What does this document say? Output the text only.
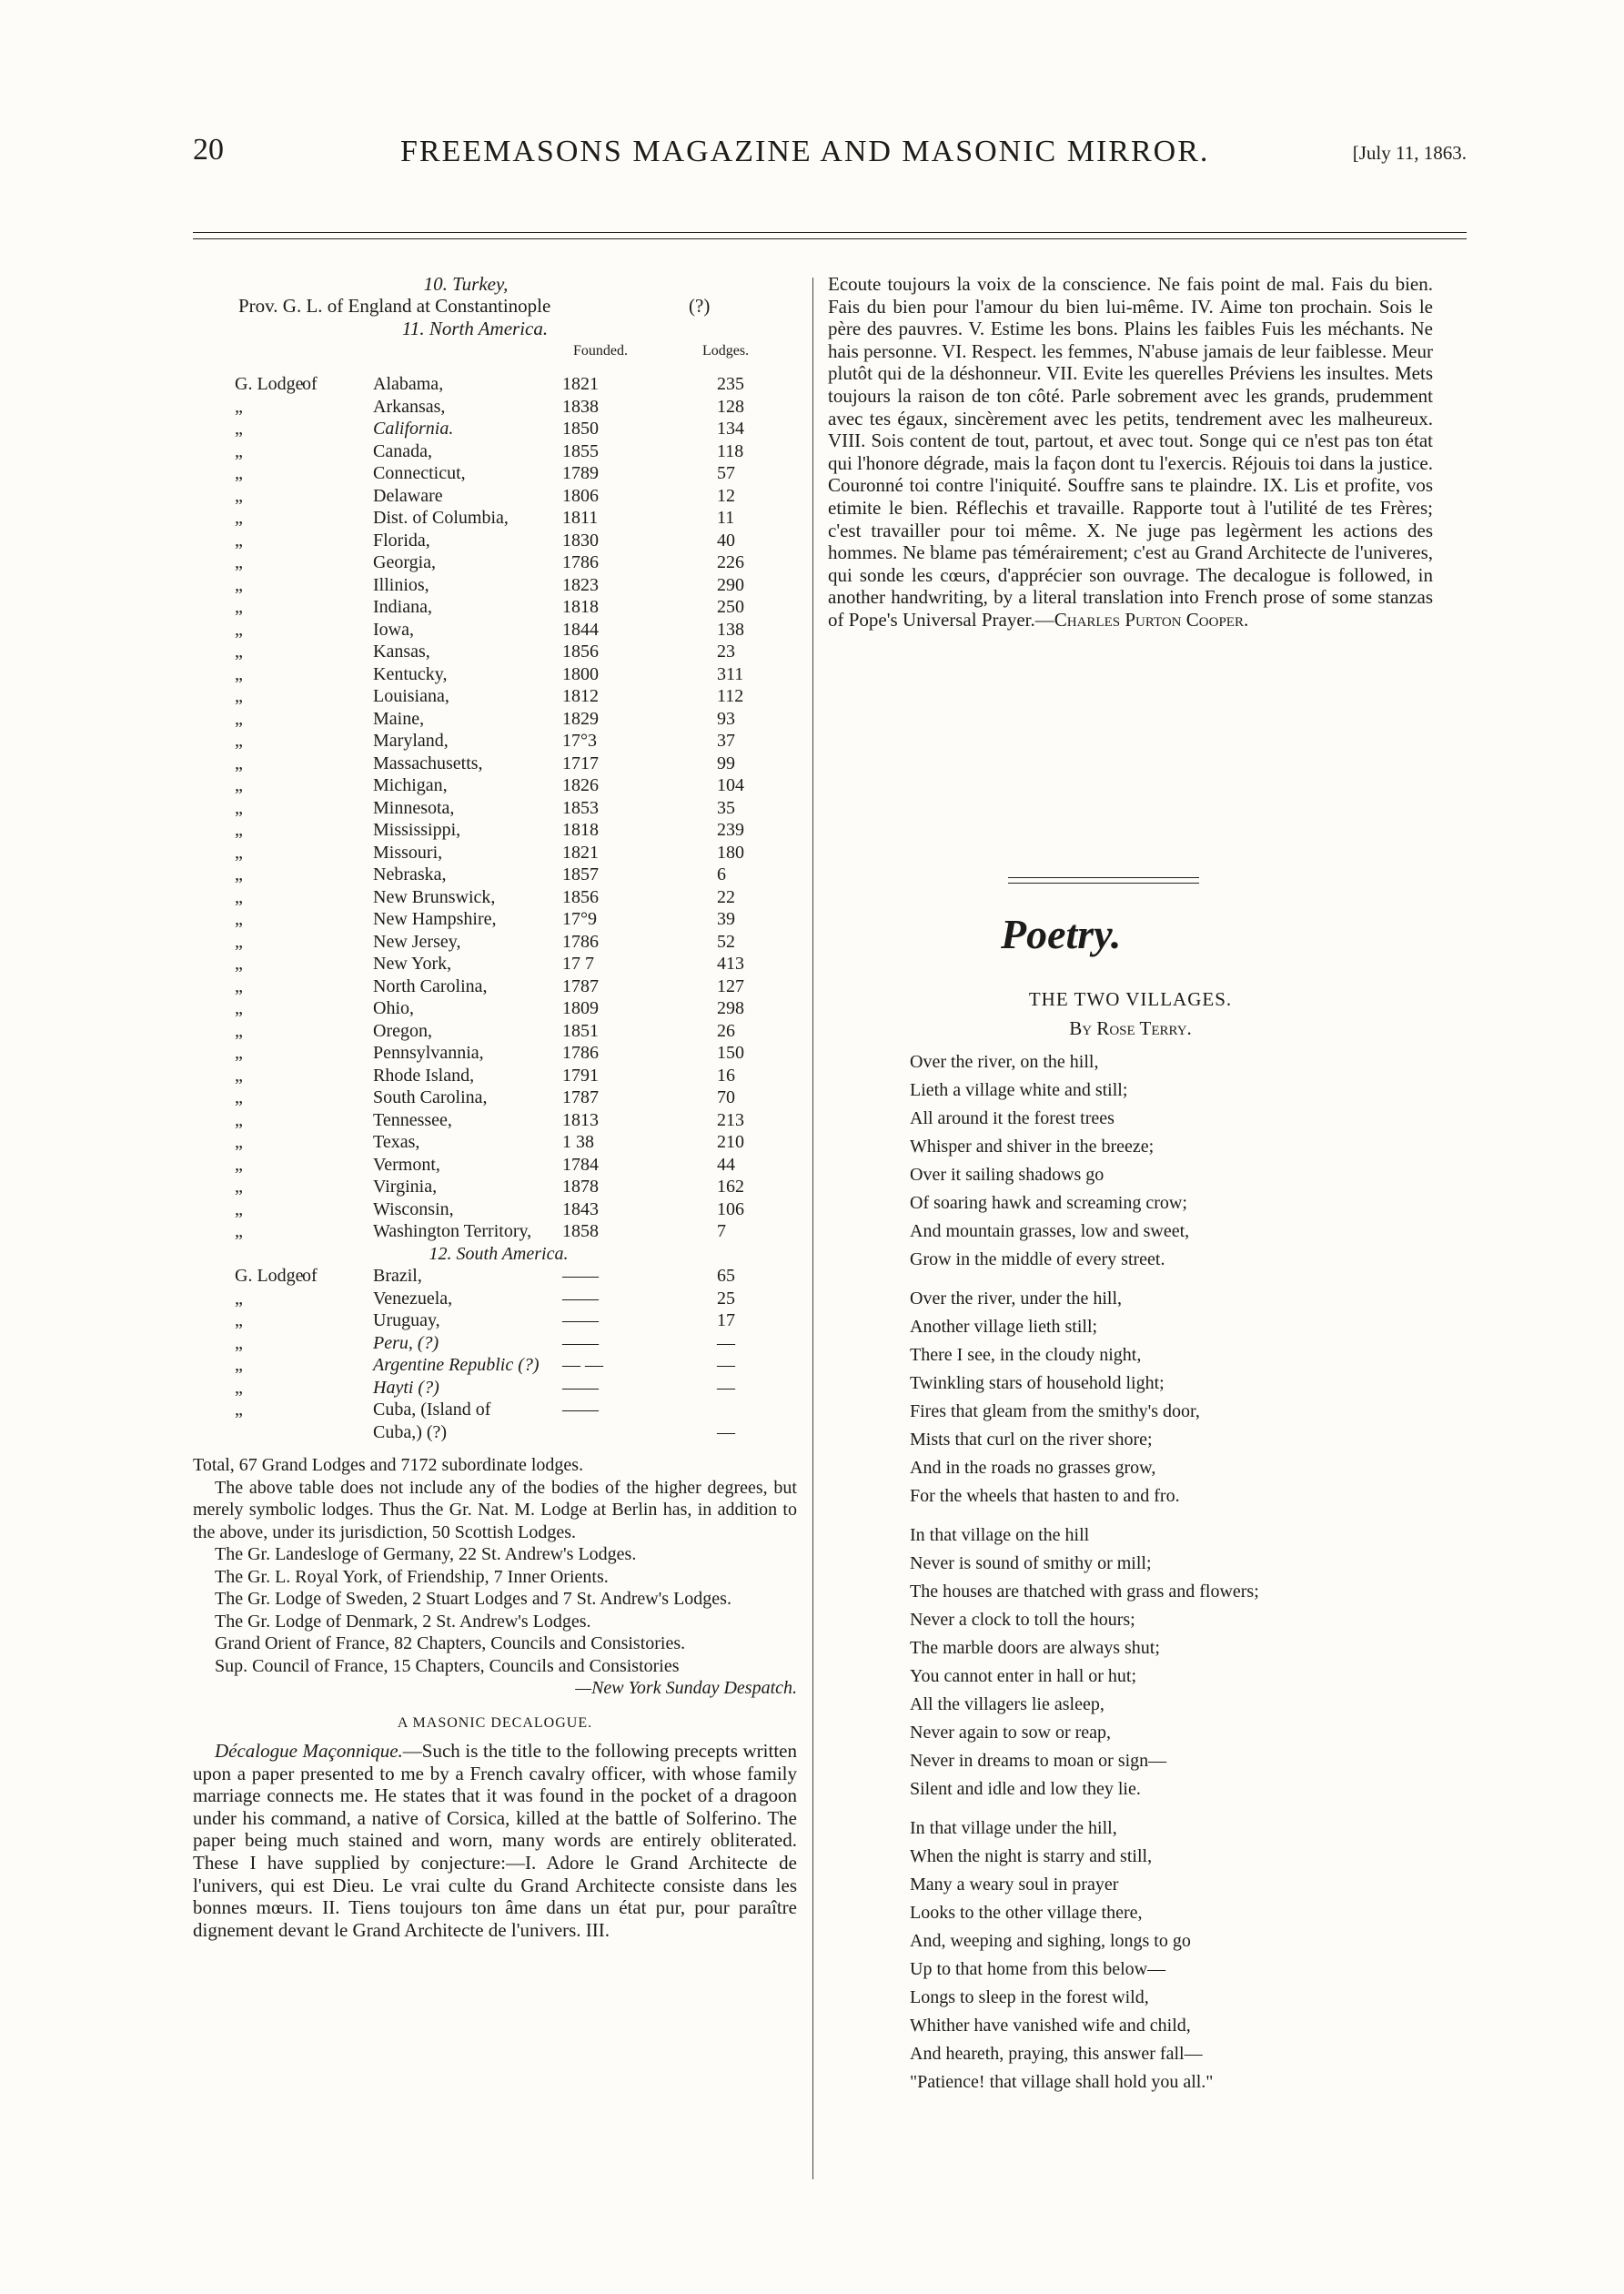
20	FREEMASONS MAGAZINE AND MASONIC MIRROR.	[July 11, 1863.
10. Turkey,
Prov. G. L. of England at Constantinople	(?)
11. North America.
Founded.	Lodges.
G. Lodge
of	Alabama,	1821	235
„	Arkansas,	1838	128
„	California.	1850	134
„	Canada,	1855	118
„	Connecticut,	1789	57
„	Delaware	1806	12
„	Dist. of Columbia,	1811	11
„	Florida,	1830	40
„	Georgia,	1786	226
„	Illinios,	1823	290
„	Indiana,	1818	250
„	Iowa,	1844	138
„	Kansas,	1856	23
„	Kentucky,	1800	311
„	Louisiana,	1812	112
„	Maine,	1829	93
„	Maryland,	17°3	37
„	Massachusetts,	1717	99
„	Michigan,	1826	104
„	Minnesota,	1853	35
„	Mississippi,	1818	239
„	Missouri,	1821	180
„	Nebraska,	1857	6
„	New Brunswick,	1856	22
„	New Hampshire,	17°9	39
„	New Jersey,	1786	52
„	New York,	17 7	413
„	North Carolina,	1787	127
„	Ohio,	1809	298
„	Oregon,	1851	26
„	Pennsylvannia,	1786	150
„	Rhode Island,	1791	16
„	South Carolina,	1787	70
„	Tennessee,	1813	213
„	Texas,	1 38	210
„	Vermont,	1784	44
„	Virginia,	1878	162
„	Wisconsin,	1843	106
„	Washington Territory, 1858	7
12. South America.
G. Lodge
of	Brazil,	——	65
„	Venezuela,	——	25
„	Uruguay,	——	17
„	Peru, (?)	——	—
„	Argentine Republic (?) — —	—
„	Hayti (?)	——	—
„	Cuba, (Island of	——
Cuba,) (?)	—

Total, 67 Grand Lodges and 7172 subordinate lodges.

The above table does not include any of the bodies of the higher degrees, but merely symbolic lodges. Thus the Gr. Nat. M. Lodge at Berlin has, in addition to the above, under its jurisdiction, 50 Scottish Lodges.

The Gr. Landesloge of Germany, 22 St. Andrew's Lodges.

The Gr. L. Royal York, of Friendship, 7 Inner Orients.

The Gr. Lodge of Sweden, 2 Stuart Lodges and 7 St. Andrew's Lodges.

The Gr. Lodge of Denmark, 2 St. Andrew's Lodges.

Grand Orient of France, 82 Chapters, Councils and Consistories.

Sup. Council of France, 15 Chapters, Councils and Consistories

—New York Sunday Despatch.

A MASONIC DECALOGUE.

Décalogue Maçonnique.—Such is the title to the following precepts written upon a paper presented to me by a French cavalry officer, with whose family marriage connects me. He states that it was found in the pocket of a dragoon under his command, a native of Corsica, killed at the battle of Solferino. The paper being much stained and worn, many words are entirely obliterated. These I have supplied by conjecture:—I. Adore le Grand Architecte de l'univers, qui est Dieu. Le vrai culte du Grand Architecte consiste dans les bonnes mœurs. II. Tiens toujours ton âme dans un état pur, pour paraître dignement devant le Grand Architecte de l'univers. III.

Ecoute toujours la voix de la conscience. Ne fais point de mal. Fais du bien. Fais du bien pour l'amour du bien lui-même. IV. Aime ton prochain. Sois le père des pauvres. V. Estime les bons. Plains les faibles Fuis les méchants. Ne hais personne. VI. Respect. les femmes, N'abuse jamais de leur faiblesse. Meur plutôt qui de la déshonneur. VII. Evite les querelles Préviens les insultes. Mets toujours la raison de ton côté. Parle sobrement avec les grands, prudemment avec tes égaux, sincèrement avec les petits, tendrement avec les malheureux. VIII. Sois content de tout, partout, et avec tout. Songe qui ce n'est pas ton état qui l'honore dégrade, mais la façon dont tu l'exercis. Réjouis toi dans la justice. Couronné toi contre l'iniquité. Souffre sans te plaindre. IX. Lis et profite, vos etimite le bien. Réflechis et travaille. Rapporte tout à l'utilité de tes Frères; c'est travailler pour toi même. X. Ne juge pas legèrment les actions des hommes. Ne blame pas témérairement; c'est au Grand Architecte de l'univeres, qui sonde les cœurs, d'apprécier son ouvrage. The decalogue is followed, in another handwriting, by a literal translation into French prose of some stanzas of Pope's Universal Prayer.—Charles Purton Cooper.

Poetry.
THE TWO VILLAGES.
By Rose Terry.
Over the river, on the hill,
Lieth a village white and still;
All around it the forest trees
Whisper and shiver in the breeze;
Over it sailing shadows go
Of soaring hawk and screaming crow;
And mountain grasses, low and sweet,
Grow in the middle of every street.
Over the river, under the hill,
Another village lieth still;
There I see, in the cloudy night,
Twinkling stars of household light;
Fires that gleam from the smithy's door,
Mists that curl on the river shore;
And in the roads no grasses grow,
For the wheels that hasten to and fro.
In that village on the hill
Never is sound of smithy or mill;
The houses are thatched with grass and flowers;
Never a clock to toll the hours;
The marble doors are always shut;
You cannot enter in hall or hut;
All the villagers lie asleep,
Never again to sow or reap,
Never in dreams to moan or sign—
Silent and idle and low they lie.
In that village under the hill,
When the night is starry and still,
Many a weary soul in prayer
Looks to the other village there,
And, weeping and sighing, longs to go
Up to that home from this below—
Longs to sleep in the forest wild,
Whither have vanished wife and child,
And heareth, praying, this answer fall—
"Patience! that village shall hold you all."
